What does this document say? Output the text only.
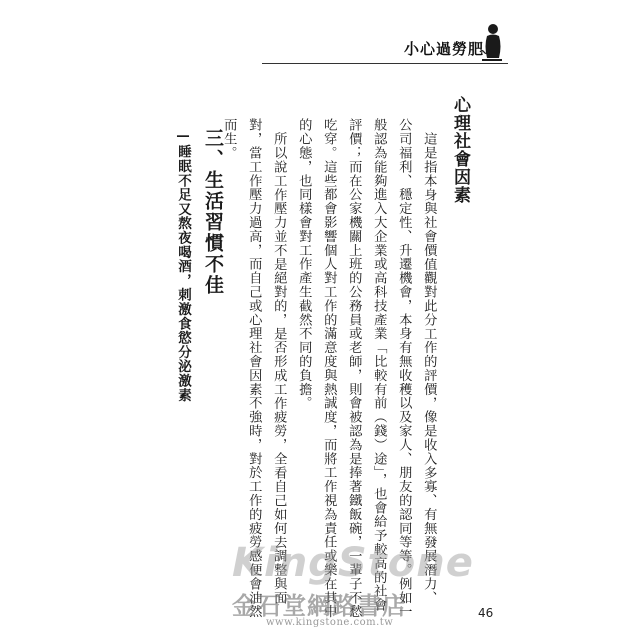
小心過勞肥
心理社會因素
這是指本身與社會價值觀對此分工作的評價，像是收入多寡、有無發展潛力、
公司福利、穩定性、升遷機會，本身有無收穫以及家人、朋友的認同等等。例如一
般認為能夠進入大企業或高科技產業「比較有前（錢）途」，也會給予較高的社會
評價；而在公家機關上班的公務員或老師，則會被認為是捧著鐵飯碗，一輩子不愁
吃穿。這些都會影響個人對工作的滿意度與熱誠度，而將工作視為責任或樂在其中
的心態，也同樣會對工作產生截然不同的負擔。
所以說工作壓力並不是絕對的，是否形成工作疲勞，全看自己如何去調整與面
對，當工作壓力過高，而自己或心理社會因素不強時，對於工作的疲勞感便會油然
而生。
三、生活習慣不佳
—睡眠不足又熬夜喝酒，刺激食慾分泌激素
KingStone
金石堂網路書店
www.kingstone.com.tw
46
